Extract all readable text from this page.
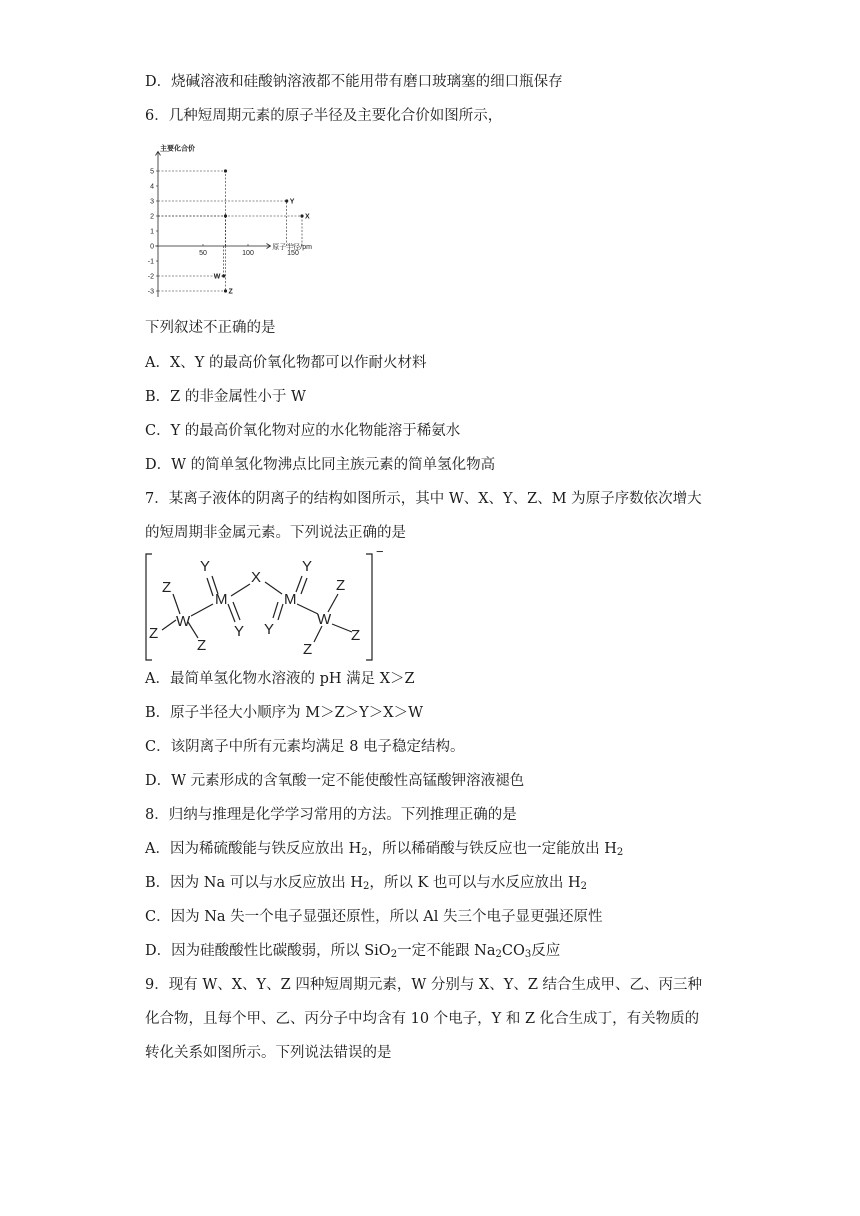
D．烧碱溶液和硅酸钠溶液都不能用带有磨口玻璃塞的细口瓶保存
6．几种短周期元素的原子半径及主要化合价如图所示，
主要化合价
原子半径/pm
5
4
3
2
1
0
-1
-2
-3
50	100	150
W
Z
Y
X
下列叙述不正确的是
A．X、Y 的最高价氧化物都可以作耐火材料
B．Z 的非金属性小于 W
C．Y 的最高价氧化物对应的水化物能溶于稀氨水
D．W 的简单氢化物沸点比同主族元素的简单氢化物高
7．某离子液体的阴离子的结构如图所示，其中 W、X、Y、Z、M 为原子序数依次增大
的短周期非金属元素。下列说法正确的是
Z
W
Z
Z
Y
M
Y
X
M
Y
Y
W
Z
Z
Z
−
A．最简单氢化物水溶液的 pH 满足 X＞Z
B．原子半径大小顺序为 M＞Z＞Y＞X＞W
C．该阴离子中所有元素均满足 8 电子稳定结构。
D．W 元素形成的含氧酸一定不能使酸性高锰酸钾溶液褪色
8．归纳与推理是化学学习常用的方法。下列推理正确的是
A．因为稀硫酸能与铁反应放出 $H_2$，所以稀硝酸与铁反应也一定能放出 $H_2$
B．因为 Na 可以与水反应放出 $H_2$，所以 K 也可以与水反应放出 $H_2$
C．因为 Na 失一个电子显强还原性，所以 Al 失三个电子显更强还原性
D．因为硅酸酸性比碳酸弱，所以 SiO$_2$一定不能跟 $Na_2CO_3$反应
9．现有 W、X、Y、Z 四种短周期元素，W 分别与 X、Y、Z 结合生成甲、乙、丙三种
化合物，且每个甲、乙、丙分子中均含有 10 个电子，Y 和 Z 化合生成丁，有关物质的
转化关系如图所示。下列说法错误的是
